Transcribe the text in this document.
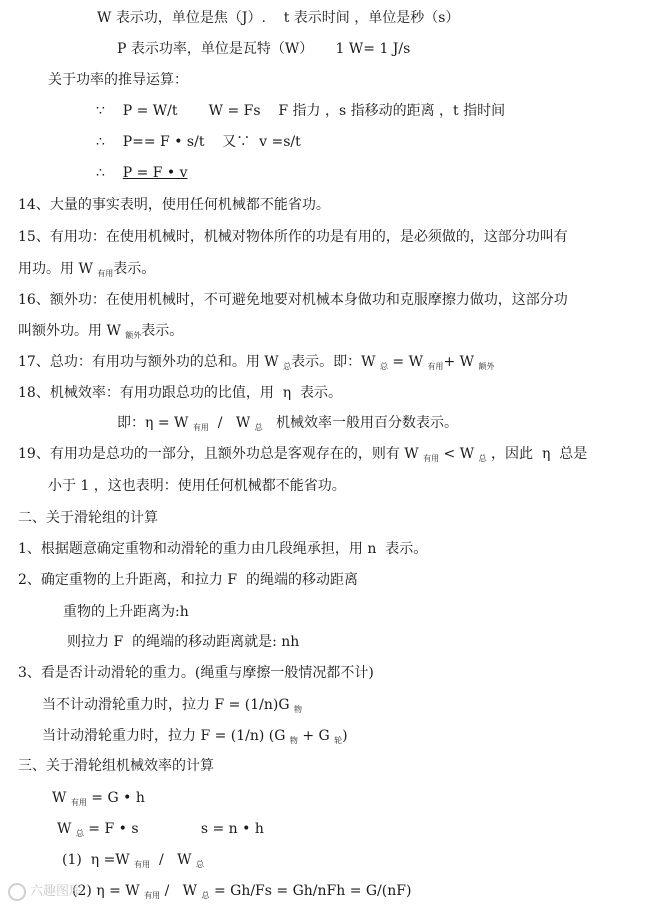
W 表示功，单位是焦（J）.    t 表示时间 ，单位是秒（s）
P 表示功率，单位是瓦特（W）     1 W= 1 J/s
关于功率的推导运算：
∵    P = W/t       W = Fs    F 指力 ，s 指移动的距离 ，t 指时间
∴    P== F • s/t    又∵  v =s/t
∴    P = F • v
14、大量的事实表明，使用任何机械都不能省功。
15、有用功：在使用机械时，机械对物体所作的功是有用的，是必须做的，这部分功叫有
用功。用 W $_{有用}$表示。
16、额外功：在使用机械时，不可避免地要对机械本身做功和克服摩擦力做功，这部分功
叫额外功。用 W $_{额外}$表示。
17、总功：有用功与额外功的总和。用 W $_总$表示。即：W $_总$ = W $_{有用}$+ W $_{额外}$
18、机械效率：有用功跟总功的比值，用  η  表示。
即：η = W $_{有用}$  /   W $_总$   机械效率一般用百分数表示。
19、有用功是总功的一部分，且额外功总是客观存在的，则有 W $_{有用}$ < W $_总$ ，因此  η  总是
小于 1 ，这也表明：使用任何机械都不能省功。
二、关于滑轮组的计算
1、根据题意确定重物和动滑轮的重力由几段绳承担，用 n  表示。
2、确定重物的上升距离，和拉力 F  的绳端的移动距离
重物的上升距离为:h
则拉力 F  的绳端的移动距离就是: nh
3、看是否计动滑轮的重力。(绳重与摩擦一般情况都不计)
当不计动滑轮重力时，拉力 F = (1/n)G $_物$
当计动滑轮重力时，拉力 F = (1/n) (G $_物$ + G $_轮$)
三、关于滑轮组机械效率的计算
W $_{有用}$ = G • h
W $_总$ = F • s              s = n • h
(1)  η =W $_{有用}$  /   W $_总$
(2) η = W $_{有用}$ /   W $_总$ = Gh/Fs = Gh/nFh = G/(nF)
六趣图库
